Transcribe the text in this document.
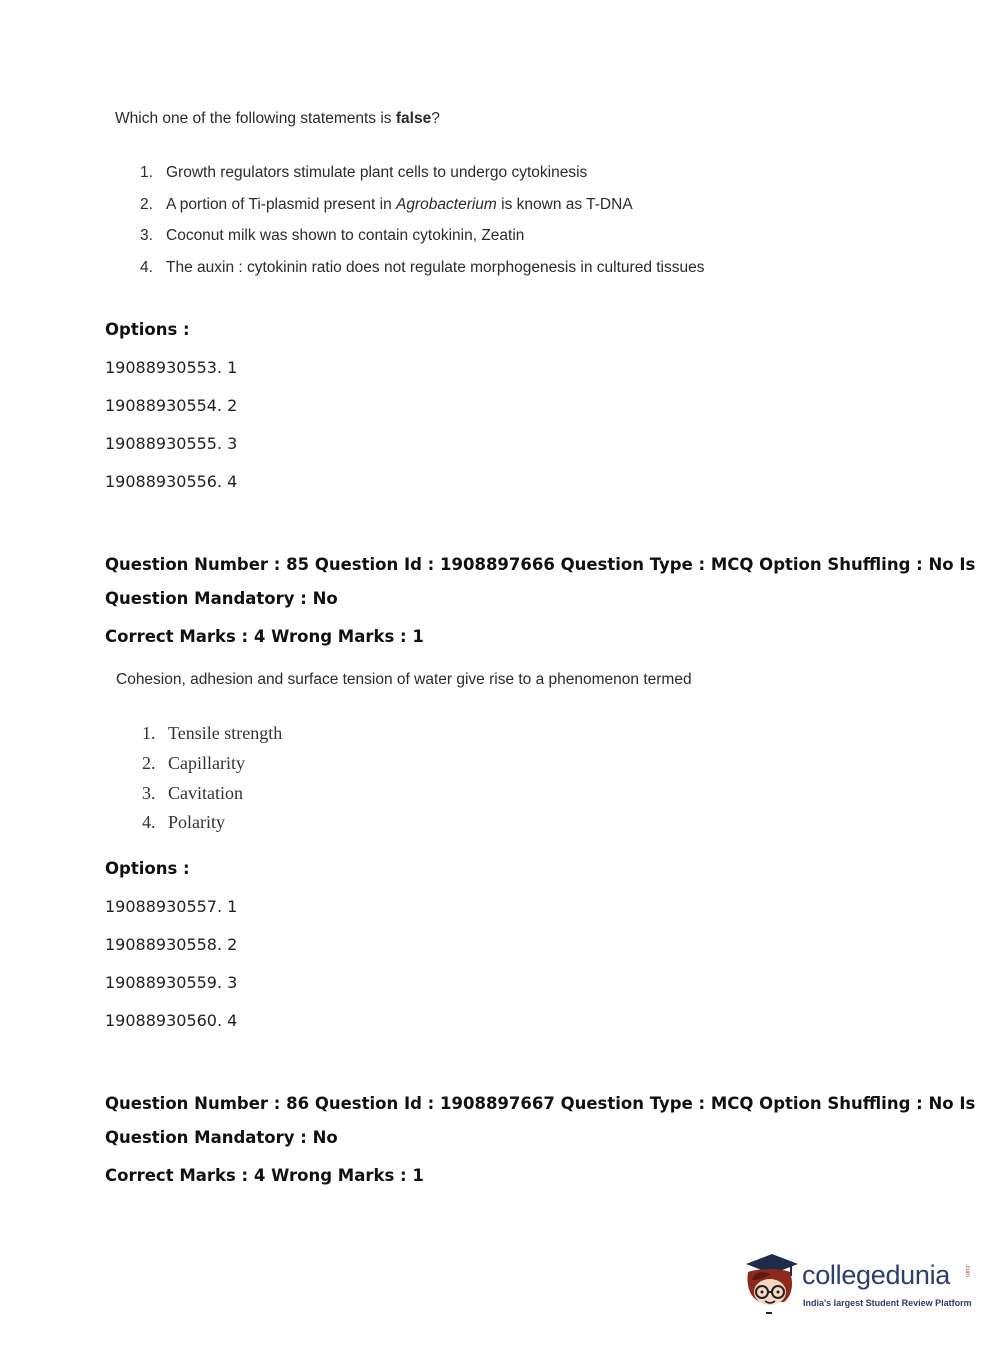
Which one of the following statements is false?
1. Growth regulators stimulate plant cells to undergo cytokinesis
2. A portion of Ti-plasmid present in Agrobacterium is known as T-DNA
3. Coconut milk was shown to contain cytokinin, Zeatin
4. The auxin : cytokinin ratio does not regulate morphogenesis in cultured tissues
Options :
19088930553. 1
19088930554. 2
19088930555. 3
19088930556. 4
Question Number : 85 Question Id : 1908897666 Question Type : MCQ Option Shuffling : No Is
Question Mandatory : No
Correct Marks : 4 Wrong Marks : 1
Cohesion, adhesion and surface tension of water give rise to a phenomenon termed
1. Tensile strength
2. Capillarity
3. Cavitation
4. Polarity
Options :
19088930557. 1
19088930558. 2
19088930559. 3
19088930560. 4
Question Number : 86 Question Id : 1908897667 Question Type : MCQ Option Shuffling : No Is
Question Mandatory : No
Correct Marks : 4 Wrong Marks : 1
collegedunia .com
India's largest Student Review Platform
